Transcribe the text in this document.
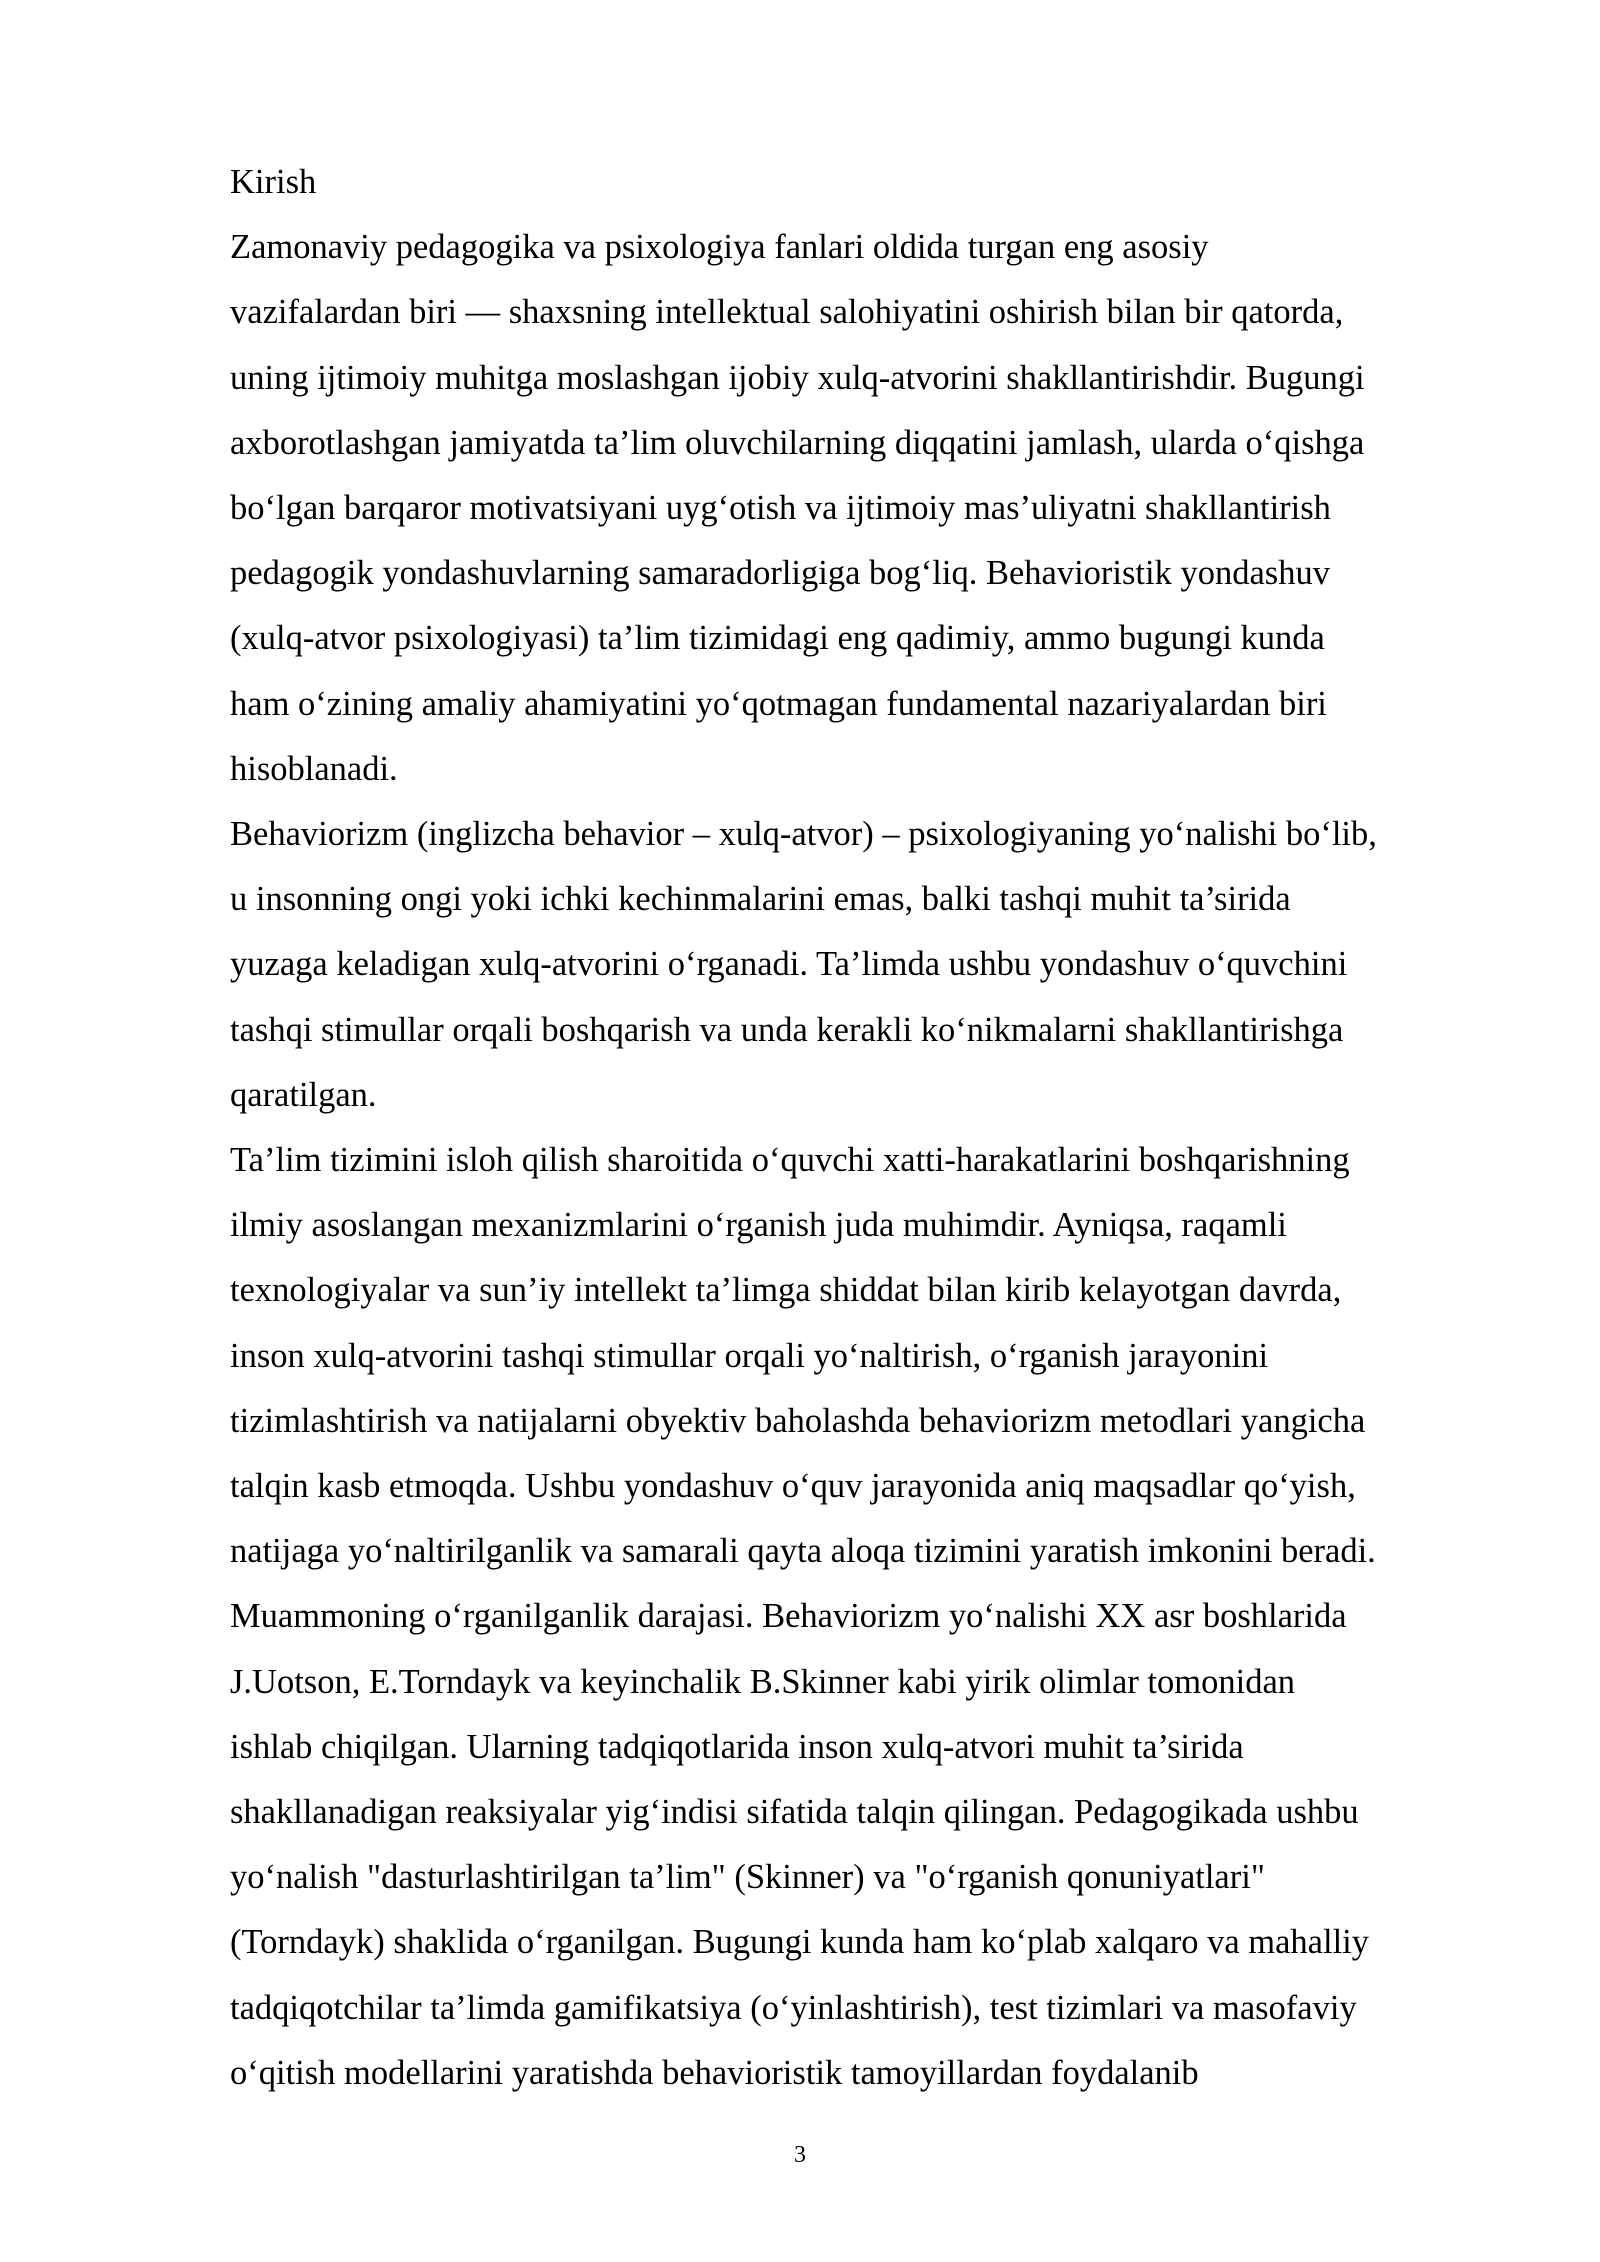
Kirish
Zamonaviy pedagogika va psixologiya fanlari oldida turgan eng asosiy
vazifalardan biri — shaxsning intellektual salohiyatini oshirish bilan bir qatorda,
uning ijtimoiy muhitga moslashgan ijobiy xulq-atvorini shakllantirishdir. Bugungi
axborotlashgan jamiyatda ta’lim oluvchilarning diqqatini jamlash, ularda oʻqishga
boʻlgan barqaror motivatsiyani uygʻotish va ijtimoiy mas’uliyatni shakllantirish
pedagogik yondashuvlarning samaradorligiga bogʻliq. Behavioristik yondashuv
(xulq-atvor psixologiyasi) ta’lim tizimidagi eng qadimiy, ammo bugungi kunda
ham oʻzining amaliy ahamiyatini yoʻqotmagan fundamental nazariyalardan biri
hisoblanadi.
Behaviorizm (inglizcha behavior – xulq-atvor) – psixologiyaning yoʻnalishi boʻlib,
u insonning ongi yoki ichki kechinmalarini emas, balki tashqi muhit ta’sirida
yuzaga keladigan xulq-atvorini oʻrganadi. Ta’limda ushbu yondashuv oʻquvchini
tashqi stimullar orqali boshqarish va unda kerakli koʻnikmalarni shakllantirishga
qaratilgan.
Ta’lim tizimini isloh qilish sharoitida oʻquvchi xatti-harakatlarini boshqarishning
ilmiy asoslangan mexanizmlarini oʻrganish juda muhimdir. Ayniqsa, raqamli
texnologiyalar va sun’iy intellekt ta’limga shiddat bilan kirib kelayotgan davrda,
inson xulq-atvorini tashqi stimullar orqali yoʻnaltirish, oʻrganish jarayonini
tizimlashtirish va natijalarni obyektiv baholashda behaviorizm metodlari yangicha
talqin kasb etmoqda. Ushbu yondashuv oʻquv jarayonida aniq maqsadlar qoʻyish,
natijaga yoʻnaltirilganlik va samarali qayta aloqa tizimini yaratish imkonini beradi.
Muammoning oʻrganilganlik darajasi. Behaviorizm yoʻnalishi XX asr boshlarida
J.Uotson, E.Torndayk va keyinchalik B.Skinner kabi yirik olimlar tomonidan
ishlab chiqilgan. Ularning tadqiqotlarida inson xulq-atvori muhit ta’sirida
shakllanadigan reaksiyalar yigʻindisi sifatida talqin qilingan. Pedagogikada ushbu
yoʻnalish "dasturlashtirilgan ta’lim" (Skinner) va "oʻrganish qonuniyatlari"
(Torndayk) shaklida oʻrganilgan. Bugungi kunda ham koʻplab xalqaro va mahalliy
tadqiqotchilar ta’limda gamifikatsiya (oʻyinlashtirish), test tizimlari va masofaviy
oʻqitish modellarini yaratishda behavioristik tamoyillardan foydalanib
3
